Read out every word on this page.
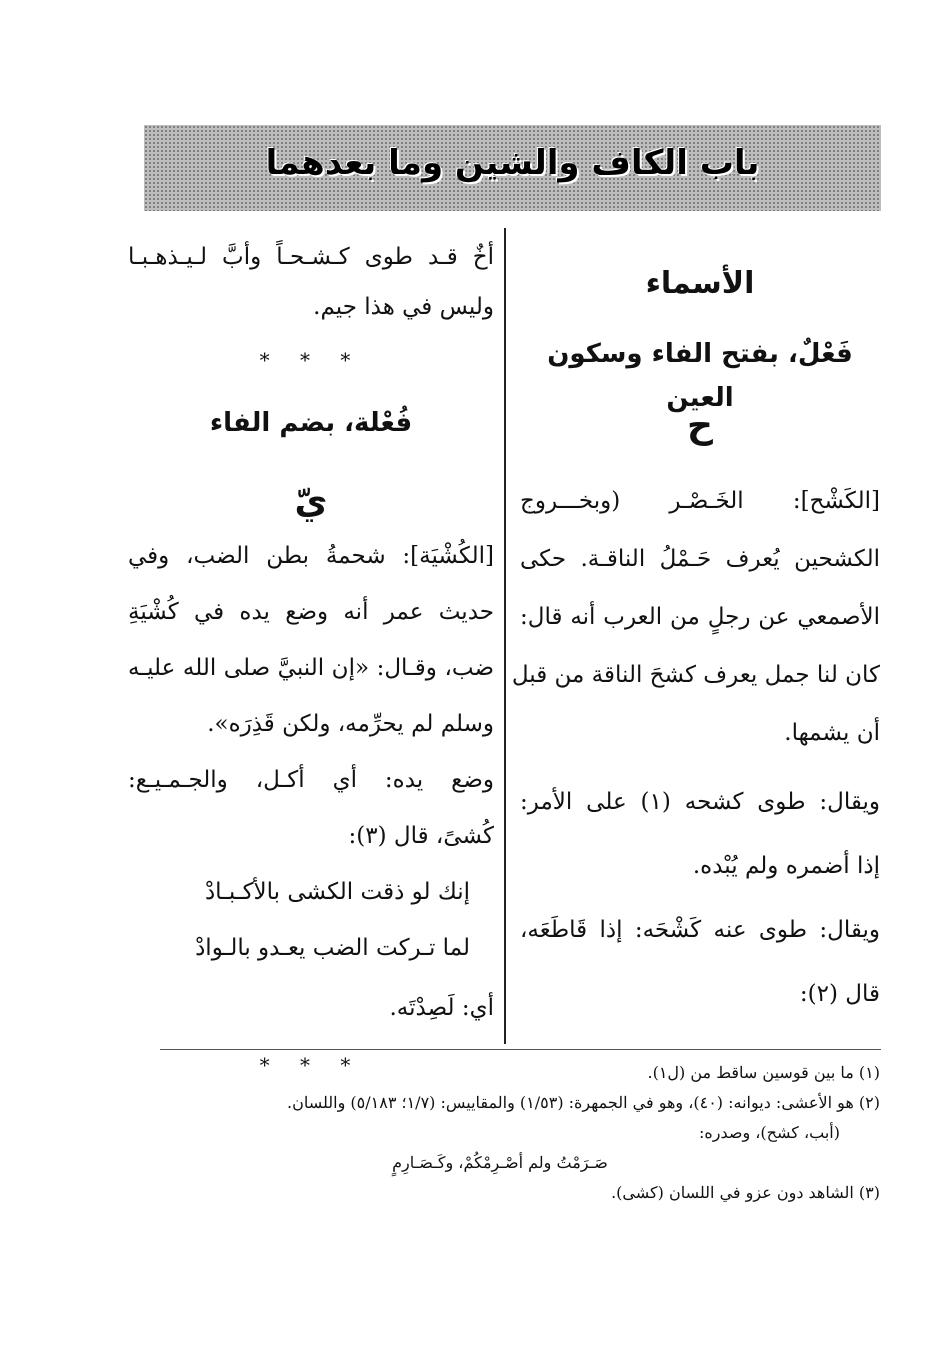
باب الكاف والشين وما بعدهما
الأسماء
فَعْلٌ، بفتح الفاء وسكون العين
ح
[الكَشْح]: الخَـصْـر (وبخـــروج
الكشحين يُعرف حَـمْلُ الناقـة. حكى
الأصمعي عن رجلٍ من العرب أنه قال:
كان لنا جمل يعرف كشحَ الناقة من قبل
أن يشمها.
ويقال: طوى كشحه (١) على الأمر:
إذا أضمره ولم يُبْده.
ويقال: طوى عنه كَشْحَه: إذا قَاطَعَه،
قال (٢):
أخٌ قـد طوى كـشـحـاً وأبَّ لـيـذهـبـا
وليس في هذا جيم.
* * *
فُعْلة، بضم الفاء
يّ
[الكُشْيَة]: شحمةُ بطن الضب، وفي
حديث عمر أنه وضع يده في كُشْيَةِ
ضب، وقـال: «إن النبيَّ صلى الله عليـه
وسلم لم يحرِّمه، ولكن قَذِرَه».
وضع يده: أي أكـل، والجـمـيـع:
كُشىً، قال (٣):
إنك لو ذقت الكشى بالأكـبـادْ
لما تـركت الضب يعـدو بالـوادْ
أي: لَصِدْتَه.
* * *	(١) ما بين قوسين ساقط من (ل١).
(٢) هو الأعشى: ديوانه: (٤٠)، وهو في الجمهرة: (١/٥٣) والمقاييس: (١/٧؛ ٥/١٨٣) واللسان.
(أبب، كشح)، وصدره:
صَـرَمْتُ ولم أصْـرِمْكُمْ، وكَـصَـارِمٍ
(٣) الشاهد دون عزو في اللسان (كشى).
